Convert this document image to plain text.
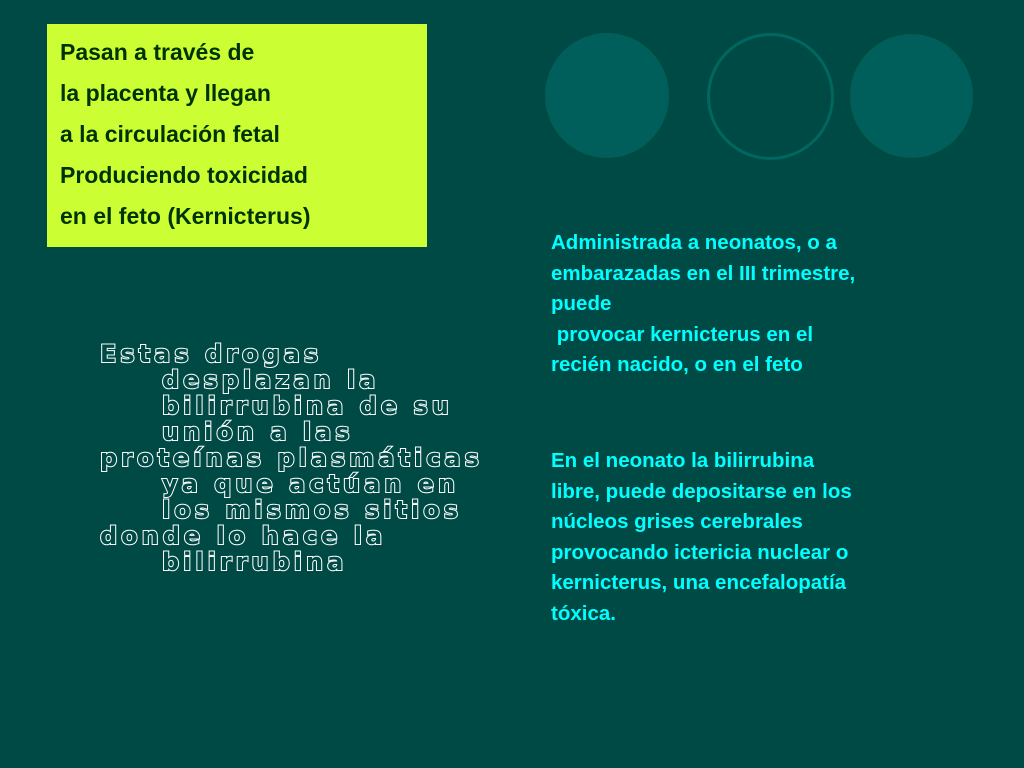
Pasan a través de
la placenta y llegan
a la circulación fetal
Produciendo toxicidad
en el feto (Kernicterus)
Administrada a neonatos, o a
embarazadas en el III trimestre,
puede
provocar kernicterus en el
recién nacido, o en el feto
Estas drogas
desplazan la
bilirrubina de su
unión a las
proteínas plasmáticas
ya que actúan en
los mismos sitios
donde lo hace la
bilirrubina
En el neonato la bilirrubina
libre, puede depositarse en los
núcleos grises cerebrales
provocando ictericia nuclear o
kernicterus, una encefalopatía
tóxica.
